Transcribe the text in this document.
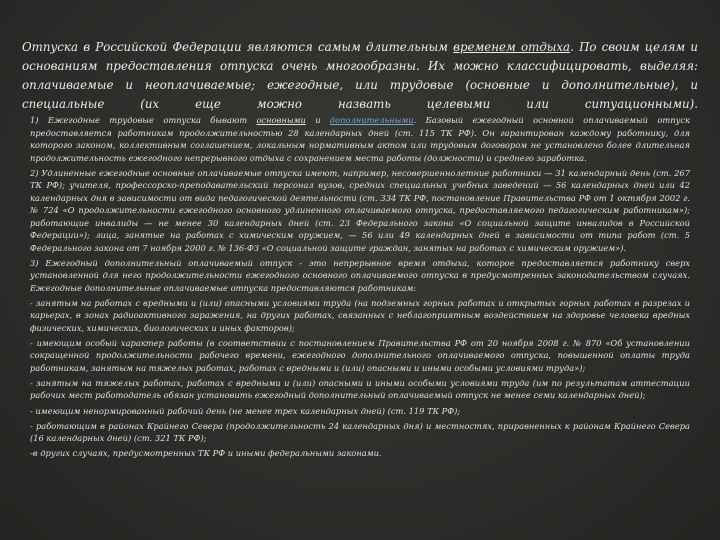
Отпуска в Российской Федерации являются самым длительным временем отдыха. По своим целям и основаниям предоставления отпуска очень многообразны. Их можно классифицировать, выделяя: оплачиваемые и неоплачиваемые; ежегодные, или трудовые (основные и дополнительные), и специальные (их еще можно назвать целевыми или ситуационными).

1) Ежегодные трудовые отпуска бывают основными и дополнительными. Базовый ежегодный основной оплачиваемый отпуск предоставляется работникам продолжительностью 28 календарных дней (ст. 115 ТК РФ). Он гарантирован каждому работнику, для которого законом, коллективным соглашением, локальным нормативным актом или трудовым договором не установлено более длительная продолжительность ежегодного непрерывного отдыха с сохранением места работы (должности) и среднего заработка.

2) Удлиненные ежегодные основные оплачиваемые отпуска имеют, например, несовершеннолетние работники — 31 календарный день (ст. 267 ТК РФ); учителя, профессорско-преподавательский персонал вузов, средних специальных учебных заведений — 56 календарных дней или 42 календарных дня в зависимости от вида педагогической деятельности (ст. 334 ТК РФ, постановление Правительства РФ от 1 октября 2002 г. № 724 «О продолжительности ежегодного основного удлиненного оплачиваемого отпуска, предоставляемого педагогическим работникам»); работающие инвалиды — не менее 30 календарных дней (ст. 23 Федерального закона «О социальной защите инвалидов в Российской Федерации»); лица, занятые на работах с химическим оружием, — 56 или 49 календарных дней в зависимости от типа работ (ст. 5 Федерального закона от 7 ноября 2000 г. № 136-ФЗ «О социальной защите граждан, занятых на работах с химическим оружием»).

3) Ежегодный дополнительный оплачиваемый отпуск - это непрерывное время отдыха, которое предоставляется работнику сверх установленной для него продолжительности ежегодного основного оплачиваемого отпуска в предусмотренных законодательством случаях. Ежегодные дополнительные оплачиваемые отпуска предоставляются работникам:

- занятым на работах с вредными и (или) опасными условиями труда (на подземных горных работах и открытых горных работах в разрезах и карьерах, в зонах радиоактивного заражения, на других работах, связанных с неблагоприятным воздействием на здоровье человека вредных физических, химических, биологических и иных факторов);

- имеющим особый характер работы (в соответствии с постановлением Правительства РФ от 20 ноября 2008 г. № 870 «Об установлении сокращенной продолжительности рабочего времени, ежегодного дополнительного оплачиваемого отпуска, повышенной оплаты труда работникам, занятым на тяжелых работах, работах с вредными и (или) опасными и иными особыми условиями труда»);

- занятым на тяжелых работах, работах с вредными и (или) опасными и иными особыми условиями труда (им по результатам аттестации рабочих мест работодатель обязан установить ежегодный дополнительный оплачиваемый отпуск не менее семи календарных дней);

- имеющим ненормированный рабочий день (не менее трех календарных дней) (ст. 119 ТК РФ);

- работающим в районах Крайнего Севера (продолжительность 24 календарных дня) и местностях, приравненных к районам Крайнего Севера (16 календарных дней) (ст. 321 ТК РФ);

-в других случаях, предусмотренных ТК РФ и иными федеральными законами.
